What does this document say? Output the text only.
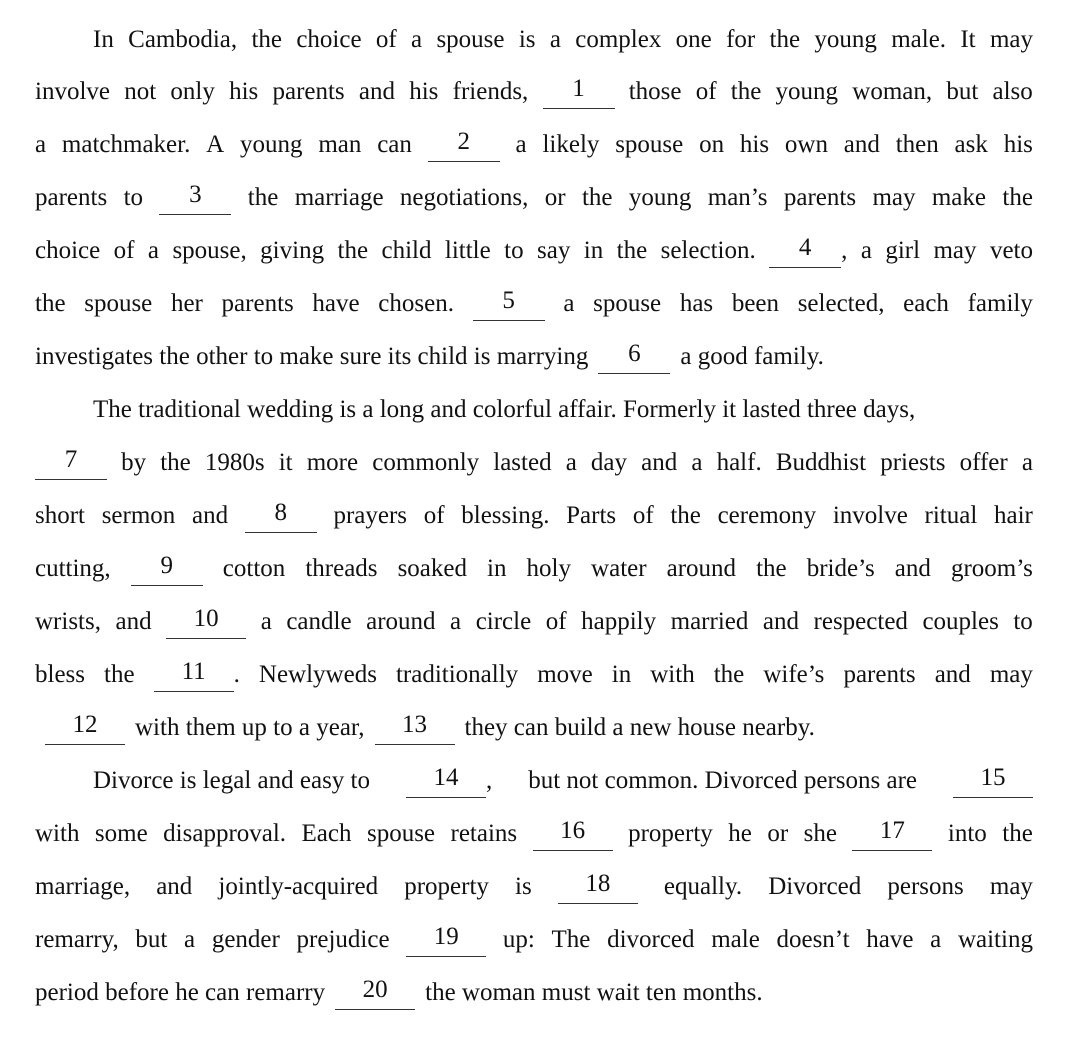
In Cambodia, the choice of a spouse is a complex one for the young male. It may
involve not only his parents and his friends,	1	those of the young woman, but also
a matchmaker. A young man can	2	a likely spouse on his own and then ask his
parents to	3	the marriage negotiations, or the young man’s parents may make the
choice of a spouse, giving the child little to say in the selection.	4 , a girl may veto
the spouse her parents have chosen.	5	a spouse has been selected, each family
investigates the other to make sure its child is marrying 6 a good family.
The traditional wedding is a long and colorful affair. Formerly it lasted three days,
7	by the 1980s it more commonly lasted a day and a half. Buddhist priests offer a
short sermon and	8	prayers of blessing. Parts of the ceremony involve ritual hair
cutting,	9	cotton threads soaked in holy water around the bride’s and groom’s
wrists, and	10	a candle around a circle of happily married and respected couples to
bless the	11 . Newlyweds traditionally move in with the wife’s parents and may
12 with them up to a year, 13 they can build a new house nearby.
Divorce is legal and easy to	14 , but not common. Divorced persons are	15
with some disapproval. Each spouse retains	16	property he or she	17	into the
marriage, and jointly-acquired property is	18	equally. Divorced persons may
remarry, but a gender prejudice	19	up: The divorced male doesn’t have a waiting
period before he can remarry 20 the woman must wait ten months.
